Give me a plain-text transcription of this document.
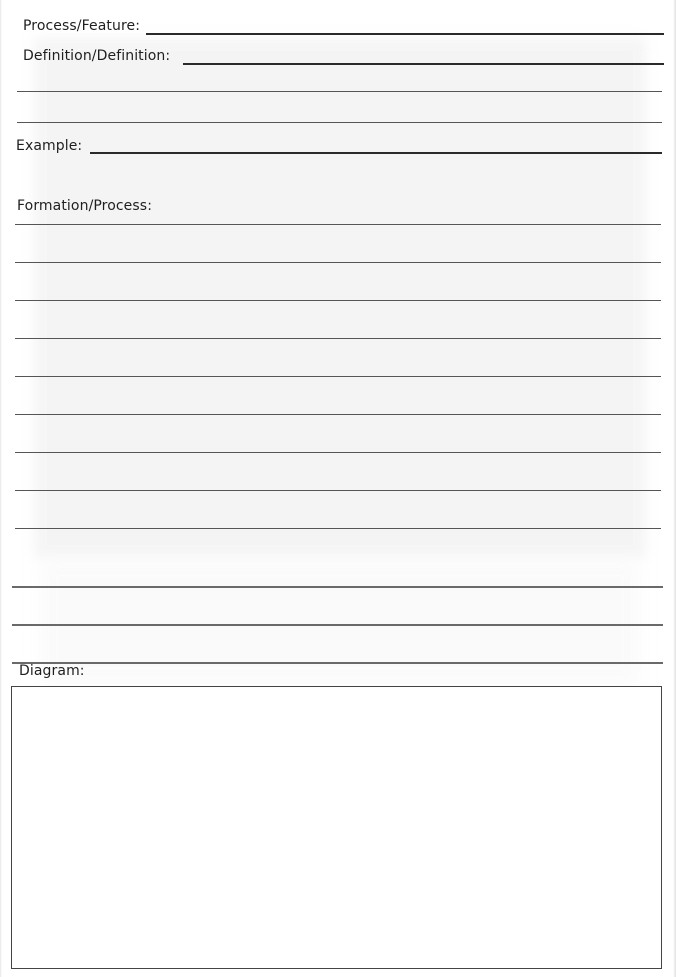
Process/Feature:
Definition/Definition:
Example:
Formation/Process:
Diagram:
